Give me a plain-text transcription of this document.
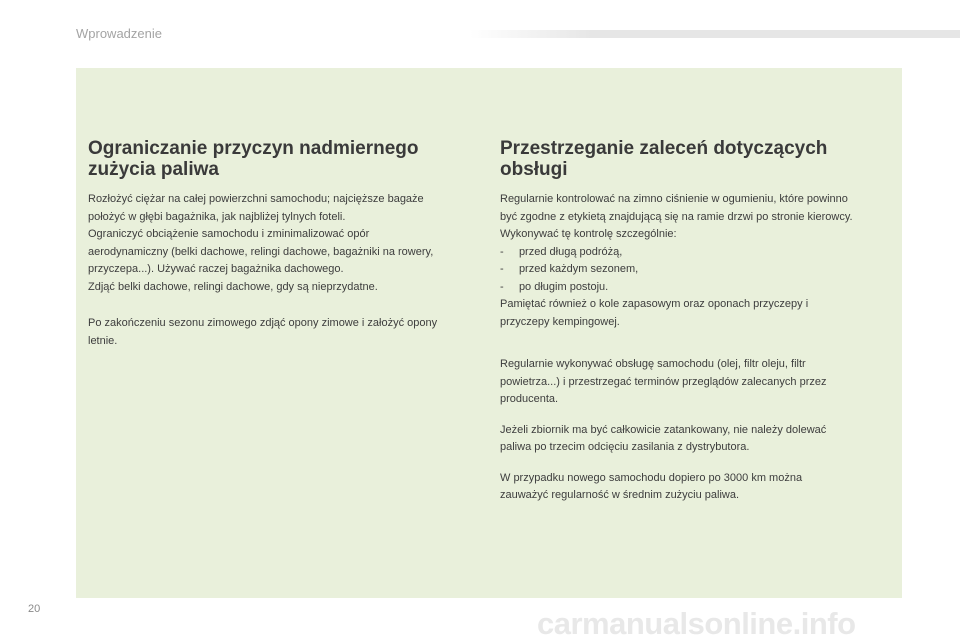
Wprowadzenie
Ograniczanie przyczyn nadmiernego zużycia paliwa

Rozłożyć ciężar na całej powierzchni samochodu; najcięższe bagaże
położyć w głębi bagażnika, jak najbliżej tylnych foteli.
Ograniczyć obciążenie samochodu i zminimalizować opór
aerodynamiczny (belki dachowe, relingi dachowe, bagażniki na rowery,
przyczepa...). Używać raczej bagażnika dachowego.
Zdjąć belki dachowe, relingi dachowe, gdy są nieprzydatne.

Po zakończeniu sezonu zimowego zdjąć opony zimowe i założyć opony
letnie.

Przestrzeganie zaleceń dotyczących obsługi

Regularnie kontrolować na zimno ciśnienie w ogumieniu, które powinno
być zgodne z etykietą znajdującą się na ramie drzwi po stronie kierowcy.
Wykonywać tę kontrolę szczególnie:
-     przed długą podróżą,
-     przed każdym sezonem,
-     po długim postoju.
Pamiętać również o kole zapasowym oraz oponach przyczepy i
przyczepy kempingowej.

Regularnie wykonywać obsługę samochodu (olej, filtr oleju, filtr
powietrza...) i przestrzegać terminów przeglądów zalecanych przez
producenta.

Jeżeli zbiornik ma być całkowicie zatankowany, nie należy dolewać
paliwa po trzecim odcięciu zasilania z dystrybutora.

W przypadku nowego samochodu dopiero po 3000 km można
zauważyć regularność w średnim zużyciu paliwa.

20	carmanualsonline.info
